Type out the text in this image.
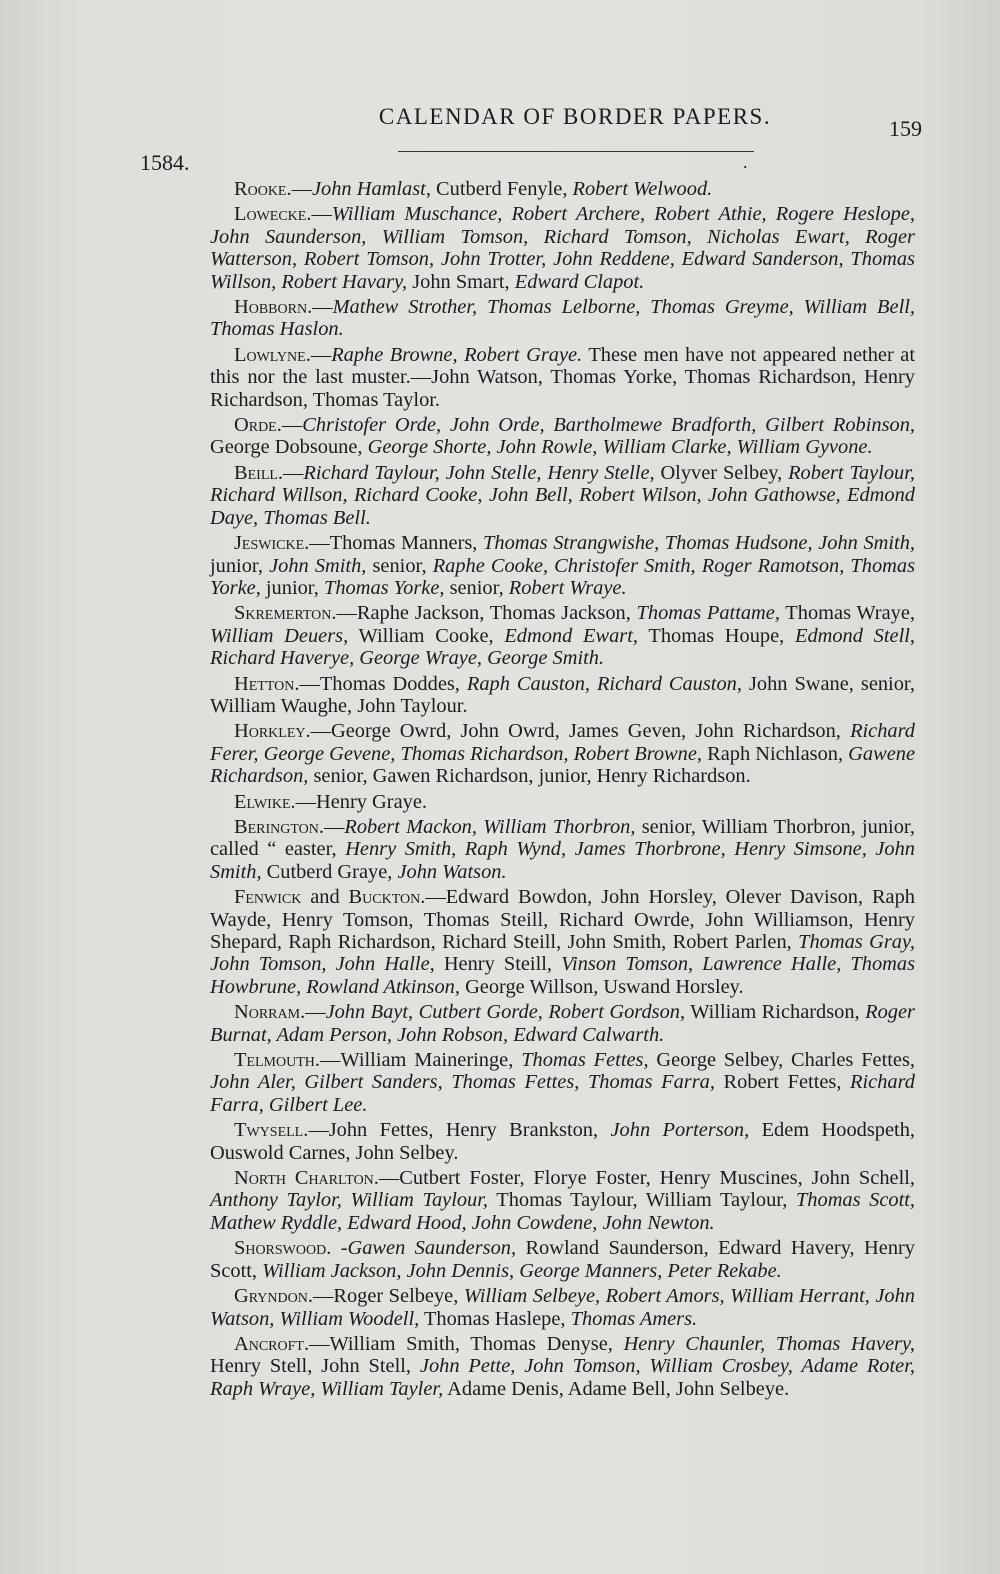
CALENDAR OF BORDER PAPERS.	159
.
1584.

Rooke.—John Hamlast, Cutberd Fenyle, Robert Welwood.

Lowecke.—William Muschance, Robert Archere, Robert Athie, Rogere Heslope, John Saunderson, William Tomson, Richard Tomson, Nicholas Ewart, Roger Watterson, Robert Tomson, John Trotter, John Reddene, Edward Sanderson, Thomas Willson, Robert Havary, John Smart, Edward Clapot.

Hobborn.—Mathew Strother, Thomas Lelborne, Thomas Greyme, William Bell, Thomas Haslon.

Lowlyne.—Raphe Browne, Robert Graye. These men have not appeared nether at this nor the last muster.—John Watson, Thomas Yorke, Thomas Richardson, Henry Richardson, Thomas Taylor.

Orde.—Christofer Orde, John Orde, Bartholmewe Bradforth, Gilbert Robinson, George Dobsoune, George Shorte, John Rowle, William Clarke, William Gyvone.

Beill.—Richard Taylour, John Stelle, Henry Stelle, Olyver Selbey, Robert Taylour, Richard Willson, Richard Cooke, John Bell, Robert Wilson, John Gathowse, Edmond Daye, Thomas Bell.

Jeswicke.—Thomas Manners, Thomas Strangwishe, Thomas Hudsone, John Smith, junior, John Smith, senior, Raphe Cooke, Christofer Smith, Roger Ramotson, Thomas Yorke, junior, Thomas Yorke, senior, Robert Wraye.

Skremerton.—Raphe Jackson, Thomas Jackson, Thomas Pattame, Thomas Wraye, William Deuers, William Cooke, Edmond Ewart, Thomas Houpe, Edmond Stell, Richard Haverye, George Wraye, George Smith.

Hetton.—Thomas Doddes, Raph Causton, Richard Causton, John Swane, senior, William Waughe, John Taylour.

Horkley.—George Owrd, John Owrd, James Geven, John Richardson, Richard Ferer, George Gevene, Thomas Richardson, Robert Browne, Raph Nichlason, Gawene Richardson, senior, Gawen Richardson, junior, Henry Richardson.

Elwike.—Henry Graye.

Berington.—Robert Mackon, William Thorbron, senior, William Thorbron, junior, called “ easter, Henry Smith, Raph Wynd, James Thorbrone, Henry Simsone, John Smith, Cutberd Graye, John Watson.

Fenwick and Buckton.—Edward Bowdon, John Horsley, Olever Davison, Raph Wayde, Henry Tomson, Thomas Steill, Richard Owrde, John Williamson, Henry Shepard, Raph Richardson, Richard Steill, John Smith, Robert Parlen, Thomas Gray, John Tomson, John Halle, Henry Steill, Vinson Tomson, Lawrence Halle, Thomas Howbrune, Rowland Atkinson, George Willson, Uswand Horsley.

Norram.—John Bayt, Cutbert Gorde, Robert Gordson, William Richardson, Roger Burnat, Adam Person, John Robson, Edward Calwarth.

Telmouth.—William Maineringe, Thomas Fettes, George Selbey, Charles Fettes, John Aler, Gilbert Sanders, Thomas Fettes, Thomas Farra, Robert Fettes, Richard Farra, Gilbert Lee.

Twysell.—John Fettes, Henry Brankston, John Porterson, Edem Hoodspeth, Ouswold Carnes, John Selbey.

North Charlton.—Cutbert Foster, Florye Foster, Henry Muscines, John Schell, Anthony Taylor, William Taylour, Thomas Taylour, William Taylour, Thomas Scott, Mathew Ryddle, Edward Hood, John Cowdene, John Newton.

Shorswood. -Gawen Saunderson, Rowland Saunderson, Edward Havery, Henry Scott, William Jackson, John Dennis, George Manners, Peter Rekabe.

Gryndon.—Roger Selbeye, William Selbeye, Robert Amors, William Herrant, John Watson, William Woodell, Thomas Haslepe, Thomas Amers.

Ancroft.—William Smith, Thomas Denyse, Henry Chaunler, Thomas Havery, Henry Stell, John Stell, John Pette, John Tomson, William Crosbey, Adame Roter, Raph Wraye, William Tayler, Adame Denis, Adame Bell, John Selbeye.
